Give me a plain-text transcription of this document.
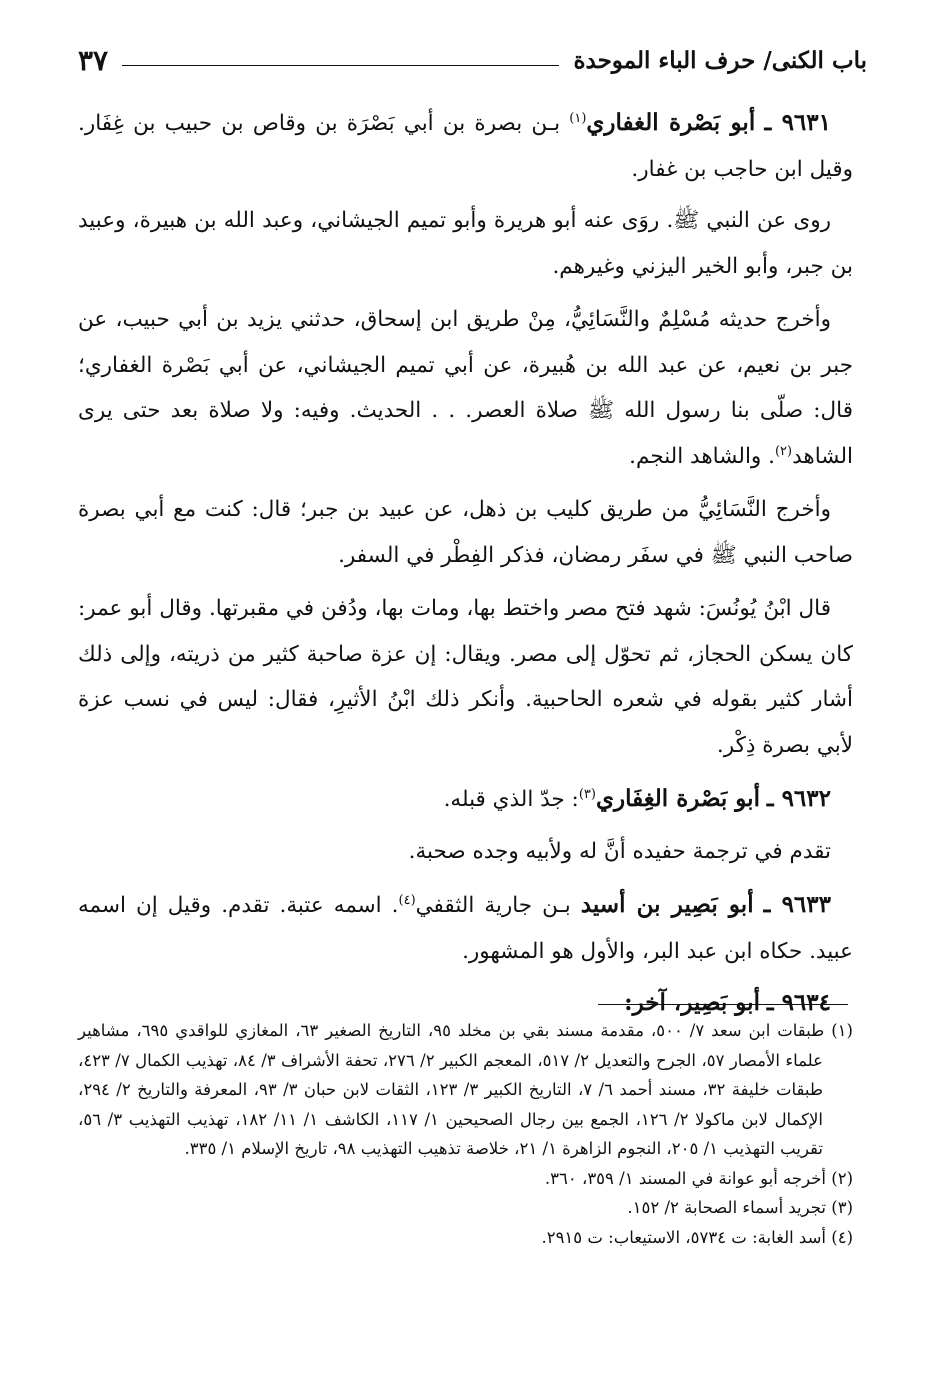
باب الكنى/ حرف الباء الموحدة
٣٧

٩٦٣١ ـ أبو بَصْرة الغفاري$^{(١)}$ بـن بصرة بن أبي بَصْرَة بن وقاص بن حبيب بن غِفَار. وقيل ابن حاجب بن غفار.

روى عن النبي ﷺ. روَى عنه أبو هريرة وأبو تميم الجيشاني، وعبد الله بن هبيرة، وعبيد بن جبر، وأبو الخير اليزني وغيرهم.

وأخرج حديثه مُسْلِمٌ والنَّسَائِيُّ، مِنْ طريق ابن إسحاق، حدثني يزيد بن أبي حبيب، عن جبر بن نعيم، عن عبد الله بن هُبيرة، عن أبي تميم الجيشاني، عن أبي بَصْرة الغفاري؛ قال: صلّى بنا رسول الله ﷺ صلاة العصر. . . الحديث. وفيه: ولا صلاة بعد حتى يرى الشاهد$^{(٢)}$. والشاهد النجم.

وأخرج النَّسَائِيُّ من طريق كليب بن ذهل، عن عبيد بن جبر؛ قال: كنت مع أبي بصرة صاحب النبي ﷺ في سفَر رمضان، فذكر الفِطْر في السفر.

قال ابْنُ يُونُسَ: شهد فتح مصر واختط بها، ومات بها، ودُفن في مقبرتها. وقال أبو عمر: كان يسكن الحجاز، ثم تحوّل إلى مصر. ويقال: إن عزة صاحبة كثير من ذريته، وإلى ذلك أشار كثير بقوله في شعره الحاحبية. وأنكر ذلك ابْنُ الأثيرِ، فقال: ليس في نسب عزة لأبي بصرة ذِكْر.

٩٦٣٢ ـ أبو بَصْرة الغِفَاري$^{(٣)}$: جدّ الذي قبله.

تقدم في ترجمة حفيده أنَّ له ولأبيه وجده صحبة.

٩٦٣٣ ـ أبو بَصِير بن أسيد بـن جارية الثقفي$^{(٤)}$. اسمه عتبة. تقدم. وقيل إن اسمه عبيد. حكاه ابن عبد البر، والأول هو المشهور.

٩٦٣٤ ـ أبو بَصِير، آخر:

(١) طبقات ابن سعد ٧/ ٥٠٠، مقدمة مسند بقي بن مخلد ٩٥، التاريخ الصغير ٦٣، المغازي للواقدي ٦٩٥، مشاهير علماء الأمصار ٥٧، الجرح والتعديل ٢/ ٥١٧، المعجم الكبير ٢/ ٢٧٦، تحفة الأشراف ٣/ ٨٤، تهذيب الكمال ٧/ ٤٢٣، طبقات خليفة ٣٢، مسند أحمد ٦/ ٧، التاريخ الكبير ٣/ ١٢٣، الثقات لابن حبان ٣/ ٩٣، المعرفة والتاريخ ٢/ ٢٩٤، الإكمال لابن ماكولا ٢/ ١٢٦، الجمع بين رجال الصحيحين ١/ ١١٧، الكاشف ١/ ١١/ ١٨٢، تهذيب التهذيب ٣/ ٥٦، تقريب التهذيب ١/ ٢٠٥، النجوم الزاهرة ١/ ٢١، خلاصة تذهيب التهذيب ٩٨، تاريخ الإسلام ١/ ٣٣٥.

(٢) أخرجه أبو عوانة في المسند ١/ ٣٥٩، ٣٦٠.

(٣) تجريد أسماء الصحابة ٢/ ١٥٢.

(٤) أسد الغابة: ت ٥٧٣٤، الاستيعاب: ت ٢٩١٥.
